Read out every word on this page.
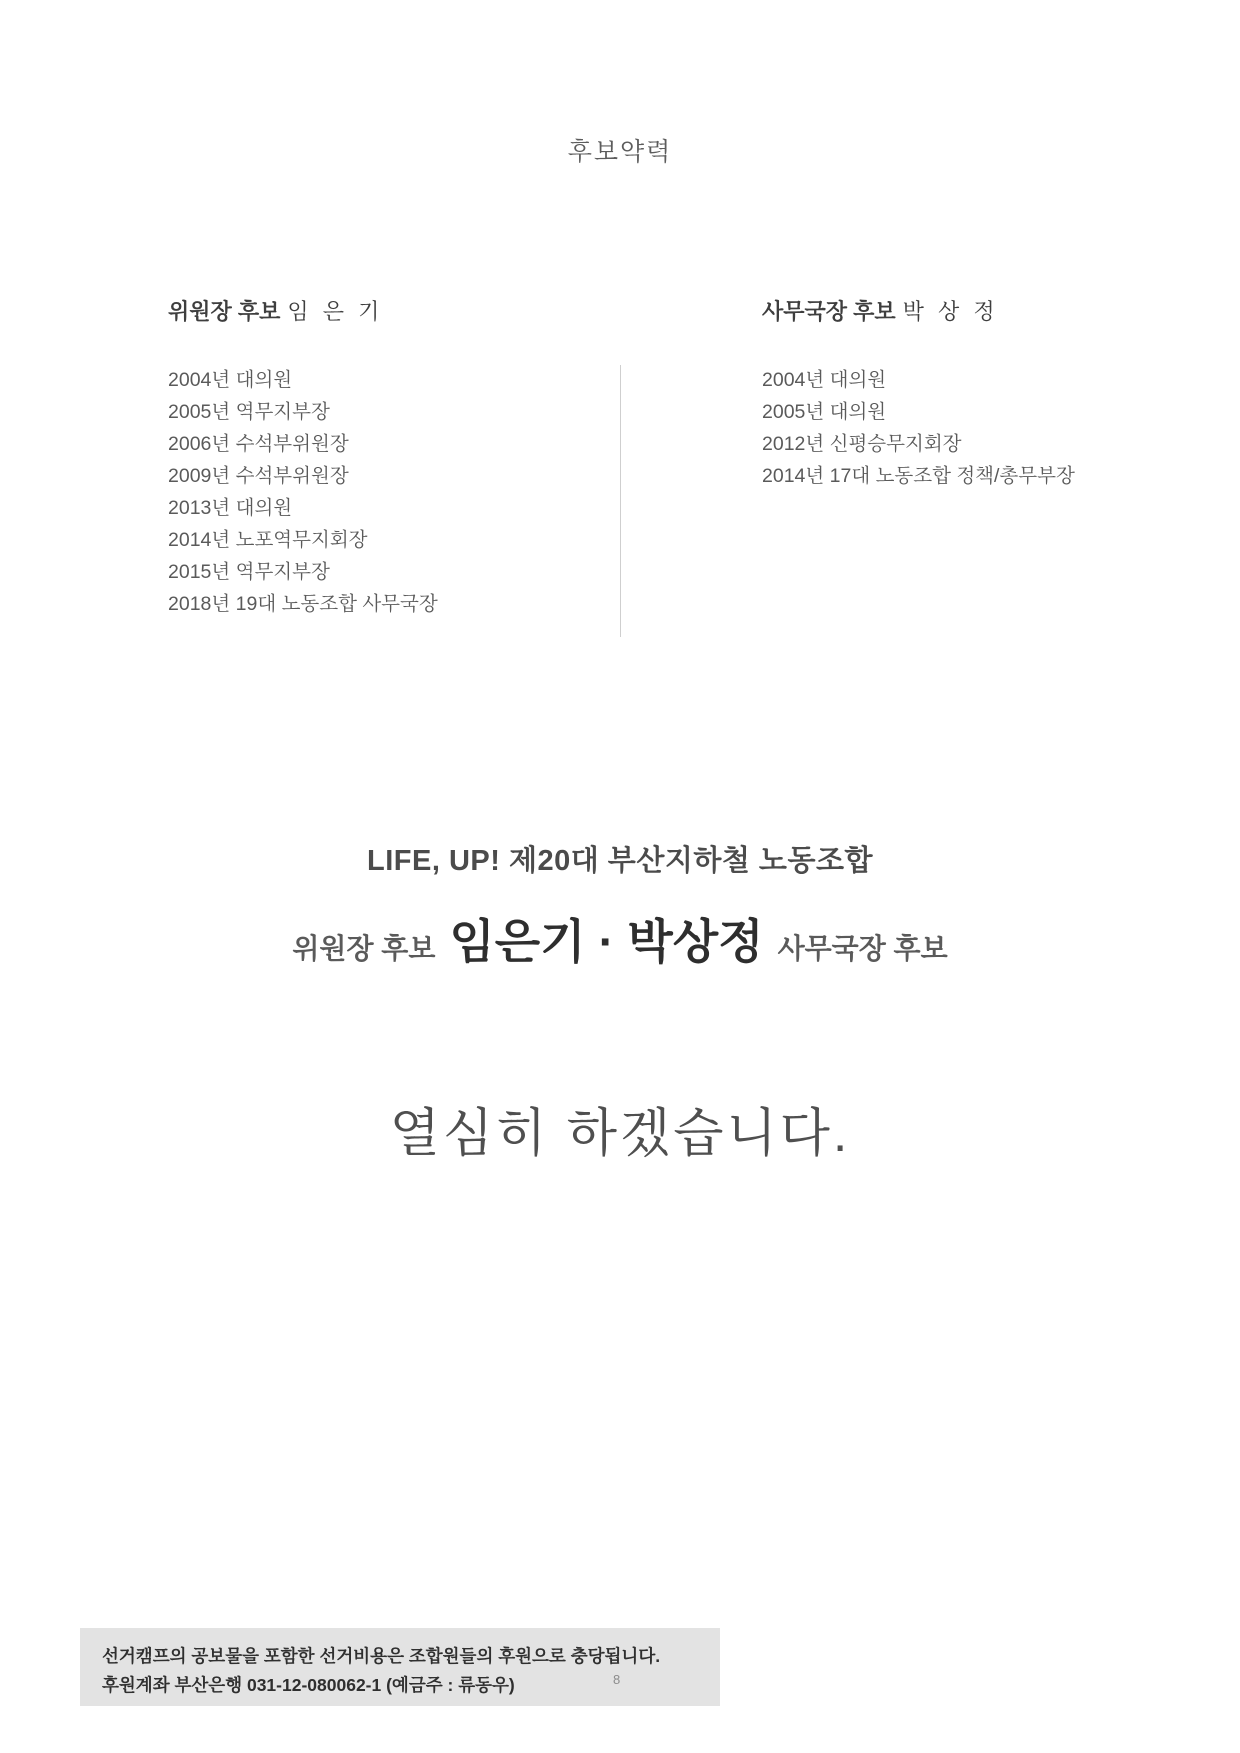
후보약력
위원장 후보 임 은 기
2004년 대의원
2005년 역무지부장
2006년 수석부위원장
2009년 수석부위원장
2013년 대의원
2014년 노포역무지회장
2015년 역무지부장
2018년 19대 노동조합 사무국장
사무국장 후보 박 상 정
2004년 대의원
2005년 대의원
2012년 신평승무지회장
2014년 17대 노동조합 정책/총무부장
LIFE, UP! 제20대 부산지하철 노동조합
위원장 후보 임은기 · 박상정 사무국장 후보
열심히 하겠습니다.
선거캠프의 공보물을 포함한 선거비용은 조합원들의 후원으로 충당됩니다.
후원계좌 부산은행 031-12-080062-1 (예금주 : 류동우)	8
